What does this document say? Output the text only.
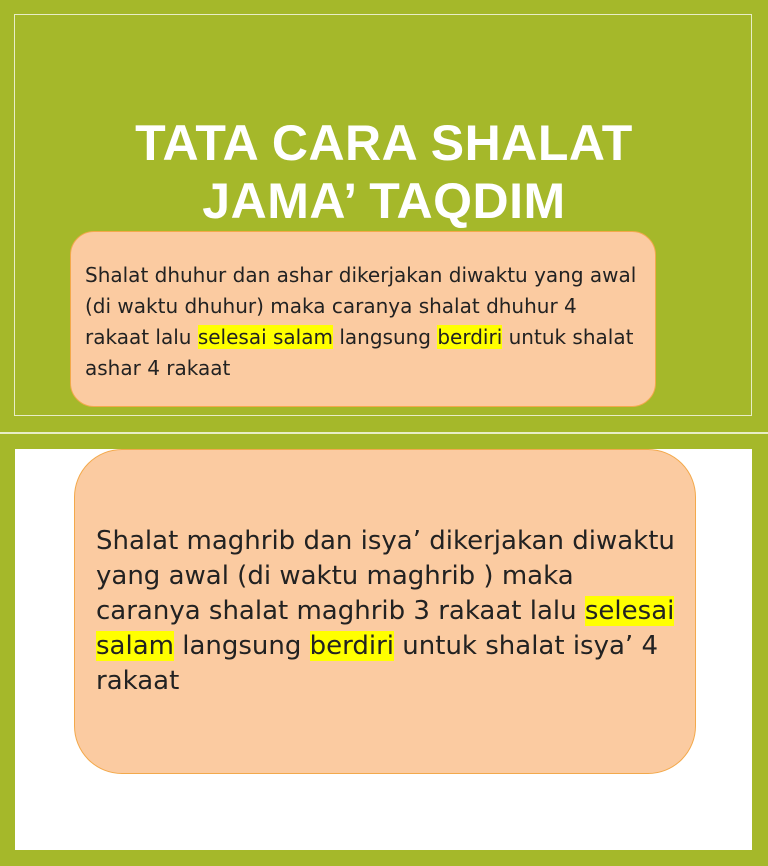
TATA CARA SHALAT
JAMA’ TAQDIM
Shalat dhuhur dan ashar dikerjakan diwaktu yang awal (di waktu dhuhur) maka caranya shalat dhuhur 4 rakaat lalu selesai salam langsung berdiri untuk shalat ashar 4 rakaat
Shalat maghrib dan isya’ dikerjakan diwaktu yang awal (di waktu maghrib ) maka caranya shalat maghrib 3 rakaat lalu selesai salam langsung berdiri untuk shalat isya’ 4 rakaat
